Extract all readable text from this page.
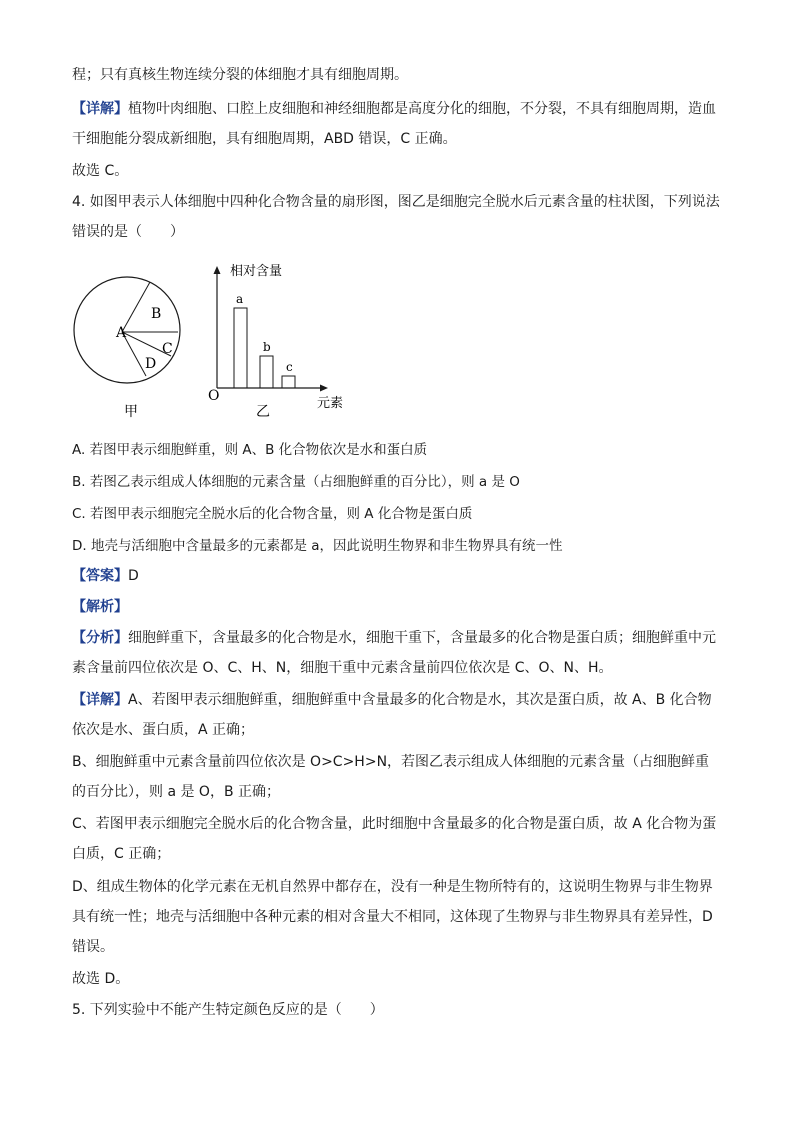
程；只有真核生物连续分裂的体细胞才具有细胞周期。
【详解】植物叶肉细胞、口腔上皮细胞和神经细胞都是高度分化的细胞，不分裂，不具有细胞周期，造血
干细胞能分裂成新细胞，具有细胞周期，ABD 错误，C 正确。
故选 C。
4. 如图甲表示人体细胞中四种化合物含量的扇形图，图乙是细胞完全脱水后元素含量的柱状图，下列说法
错误的是（　　）
A
B
C
D
甲
相对含量
元素
O
乙
a
b
c
A. 若图甲表示细胞鲜重，则 A、B 化合物依次是水和蛋白质
B. 若图乙表示组成人体细胞的元素含量（占细胞鲜重的百分比），则 a 是 O
C. 若图甲表示细胞完全脱水后的化合物含量，则 A 化合物是蛋白质
D. 地壳与活细胞中含量最多的元素都是 a，因此说明生物界和非生物界具有统一性
【答案】D
【解析】
【分析】细胞鲜重下，含量最多的化合物是水，细胞干重下，含量最多的化合物是蛋白质；细胞鲜重中元
素含量前四位依次是 O、C、H、N，细胞干重中元素含量前四位依次是 C、O、N、H。
【详解】A、若图甲表示细胞鲜重，细胞鲜重中含量最多的化合物是水，其次是蛋白质，故 A、B 化合物
依次是水、蛋白质，A 正确；
B、细胞鲜重中元素含量前四位依次是 O>C>H>N，若图乙表示组成人体细胞的元素含量（占细胞鲜重
的百分比），则 a 是 O，B 正确；
C、若图甲表示细胞完全脱水后的化合物含量，此时细胞中含量最多的化合物是蛋白质，故 A 化合物为蛋
白质，C 正确；
D、组成生物体的化学元素在无机自然界中都存在，没有一种是生物所特有的，这说明生物界与非生物界
具有统一性；地壳与活细胞中各种元素的相对含量大不相同，这体现了生物界与非生物界具有差异性，D
错误。
故选 D。
5. 下列实验中不能产生特定颜色反应的是（　　）
